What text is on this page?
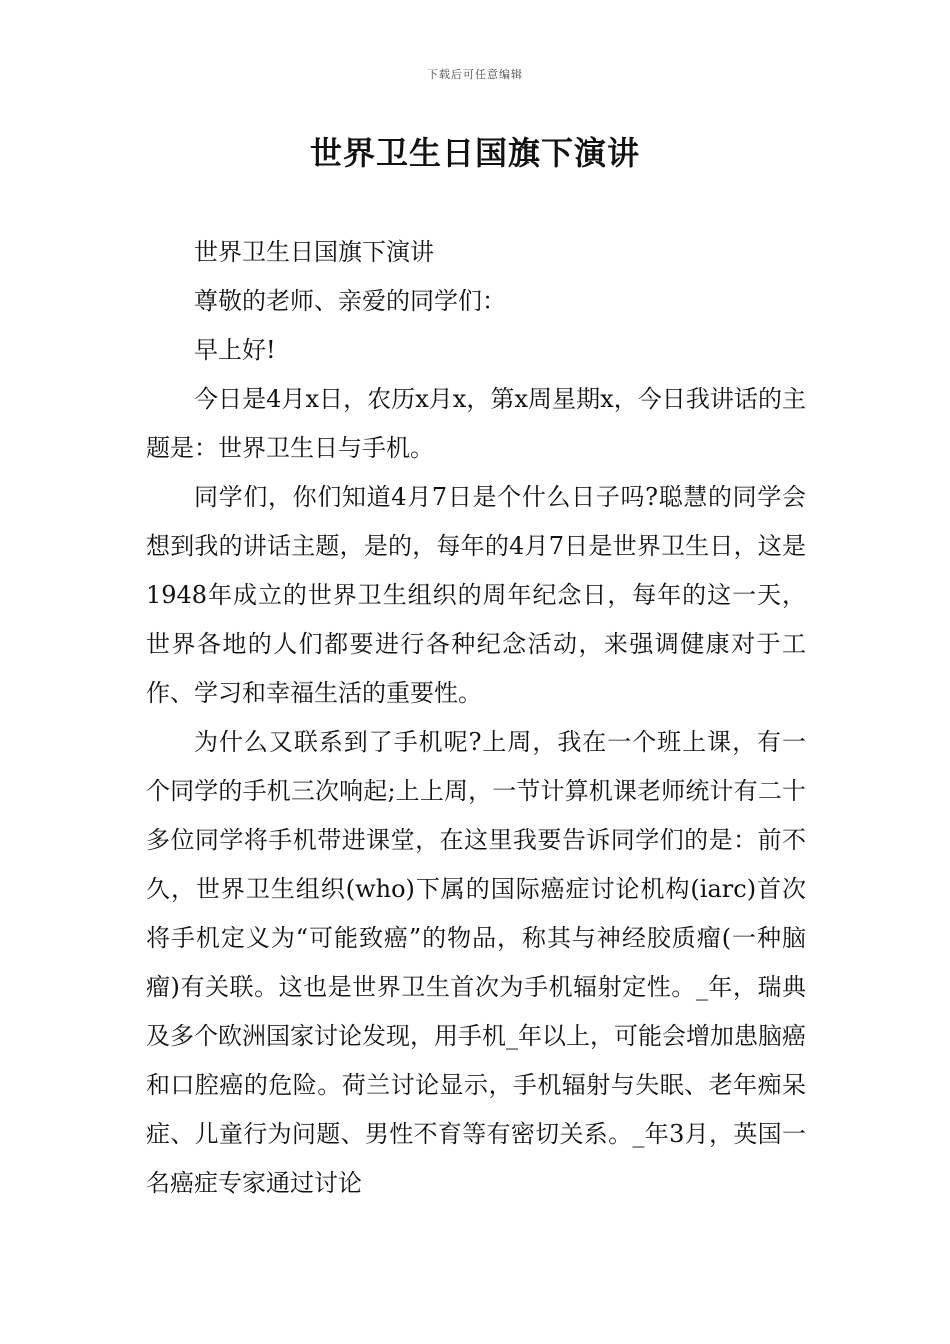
下载后可任意编辑
世界卫生日国旗下演讲

世界卫生日国旗下演讲

尊敬的老师、亲爱的同学们：

早上好!

今日是4月x日，农历x月x，第x周星期x，今日我讲话的主题是：世界卫生日与手机。

同学们，你们知道4月7日是个什么日子吗?聪慧的同学会想到我的讲话主题，是的，每年的4月7日是世界卫生日，这是1948年成立的世界卫生组织的周年纪念日，每年的这一天，世界各地的人们都要进行各种纪念活动，来强调健康对于工作、学习和幸福生活的重要性。

为什么又联系到了手机呢?上周，我在一个班上课，有一个同学的手机三次响起;上上周，一节计算机课老师统计有二十多位同学将手机带进课堂，在这里我要告诉同学们的是：前不久，世界卫生组织(who)下属的国际癌症讨论机构(iarc)首次将手机定义为“可能致癌”的物品，称其与神经胶质瘤(一种脑瘤)有关联。这也是世界卫生首次为手机辐射定性。_年，瑞典及多个欧洲国家讨论发现，用手机_年以上，可能会增加患脑癌和口腔癌的危险。荷兰讨论显示，手机辐射与失眠、老年痴呆症、儿童行为问题、男性不育等有密切关系。_年3月，英国一名癌症专家通过讨论
